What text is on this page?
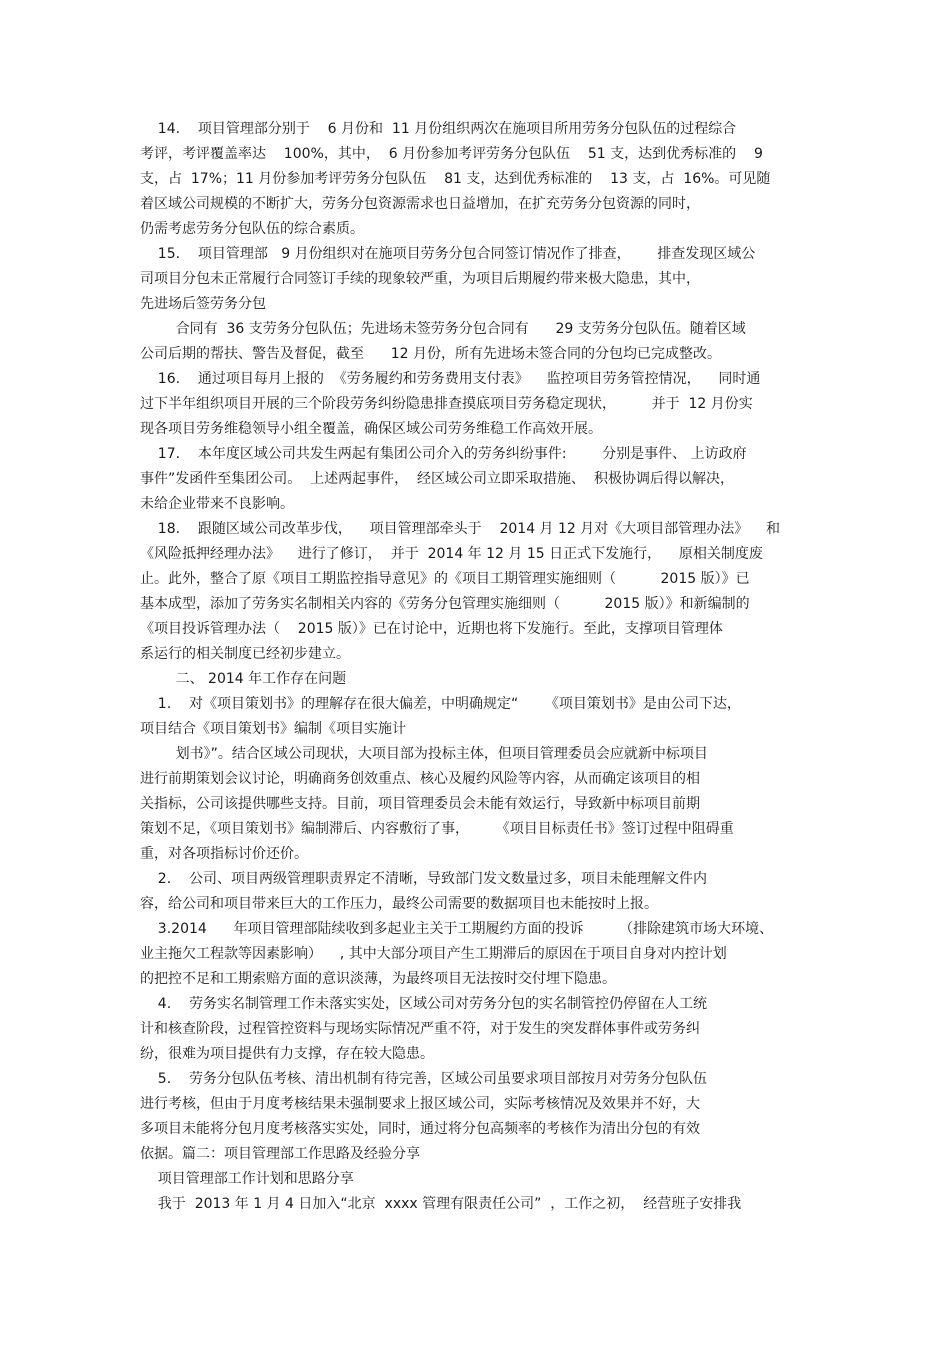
14.    项目管理部分别于    6 月份和  11 月份组织两次在施项目所用劳务分包队伍的过程综合
考评，考评覆盖率达    100%，其中，  6 月份参加考评劳务分包队伍    51 支，达到优秀标准的    9
支，占  17%；11 月份参加考评劳务分包队伍    81 支，达到优秀标准的    13 支，占  16%。可见随
着区域公司规模的不断扩大，劳务分包资源需求也日益增加，在扩充劳务分包资源的同时，
仍需考虑劳务分包队伍的综合素质。
15.    项目管理部   9 月份组织对在施项目劳务分包合同签订情况作了排查，      排查发现区域公
司项目分包未正常履行合同签订手续的现象较严重，为项目后期履约带来极大隐患，其中，
先进场后签劳务分包
合同有  36 支劳务分包队伍；先进场未签劳务分包合同有      29 支劳务分包队伍。随着区域
公司后期的帮扶、警告及督促，截至      12 月份，所有先进场未签合同的分包均已完成整改。
16.    通过项目每月上报的  《劳务履约和劳务费用支付表》    监控项目劳务管控情况，    同时通
过下半年组织项目开展的三个阶段劳务纠纷隐患排查摸底项目劳务稳定现状，        并于  12 月份实
现各项目劳务维稳领导小组全覆盖，确保区域公司劳务维稳工作高效开展。
17.    本年度区域公司共发生两起有集团公司介入的劳务纠纷事件:        分别是事件、 上访政府
事件”发函件至集团公司。  上述两起事件，  经区域公司立即采取措施、  积极协调后得以解决，
未给企业带来不良影响。
18.    跟随区域公司改革步伐，    项目管理部牵头于    2014 月 12 月对《大项目部管理办法》    和
《风险抵押经理办法》    进行了修订，  并于  2014 年 12 月 15 日正式下发施行，    原相关制度废
止。此外，整合了原《项目工期监控指导意见》的《项目工期管理实施细则（          2015 版）》已
基本成型，添加了劳务实名制相关内容的《劳务分包管理实施细则（          2015 版）》和新编制的
《项目投诉管理办法（    2015 版）》已在讨论中，近期也将下发施行。至此，支撑项目管理体
系运行的相关制度已经初步建立。
二、 2014 年工作存在问题
1.    对《项目策划书》的理解存在很大偏差，中明确规定“      《项目策划书》是由公司下达，
项目结合《项目策划书》编制《项目实施计
划书》”。结合区域公司现状，大项目部为投标主体，但项目管理委员会应就新中标项目
进行前期策划会议讨论，明确商务创效重点、核心及履约风险等内容，从而确定该项目的相
关指标，公司该提供哪些支持。目前，项目管理委员会未能有效运行，导致新中标项目前期
策划不足，《项目策划书》编制滞后、内容敷衍了事，      《项目目标责任书》签订过程中阻碍重
重，对各项指标讨价还价。
2.    公司、项目两级管理职责界定不清晰，导致部门发文数量过多，项目未能理解文件内
容，给公司和项目带来巨大的工作压力，最终公司需要的数据项目也未能按时上报。
3.2014      年项目管理部陆续收到多起业主关于工期履约方面的投诉        （排除建筑市场大环境、
业主拖欠工程款等因素影响）    , 其中大部分项目产生工期滞后的原因在于项目自身对内控计划
的把控不足和工期索赔方面的意识淡薄，为最终项目无法按时交付埋下隐患。
4.    劳务实名制管理工作未落实实处，区域公司对劳务分包的实名制管控仍停留在人工统
计和核查阶段，过程管控资料与现场实际情况严重不符，对于发生的突发群体事件或劳务纠
纷，很难为项目提供有力支撑，存在较大隐患。
5.    劳务分包队伍考核、清出机制有待完善，区域公司虽要求项目部按月对劳务分包队伍
进行考核，但由于月度考核结果未强制要求上报区域公司，实际考核情况及效果并不好，大
多项目未能将分包月度考核落实实处，同时，通过将分包高频率的考核作为清出分包的有效
依据。篇二：项目管理部工作思路及经验分享
项目管理部工作计划和思路分享
我于  2013 年 1 月 4 日加入“北京  xxxx 管理有限责任公司”  ，工作之初，  经营班子安排我
